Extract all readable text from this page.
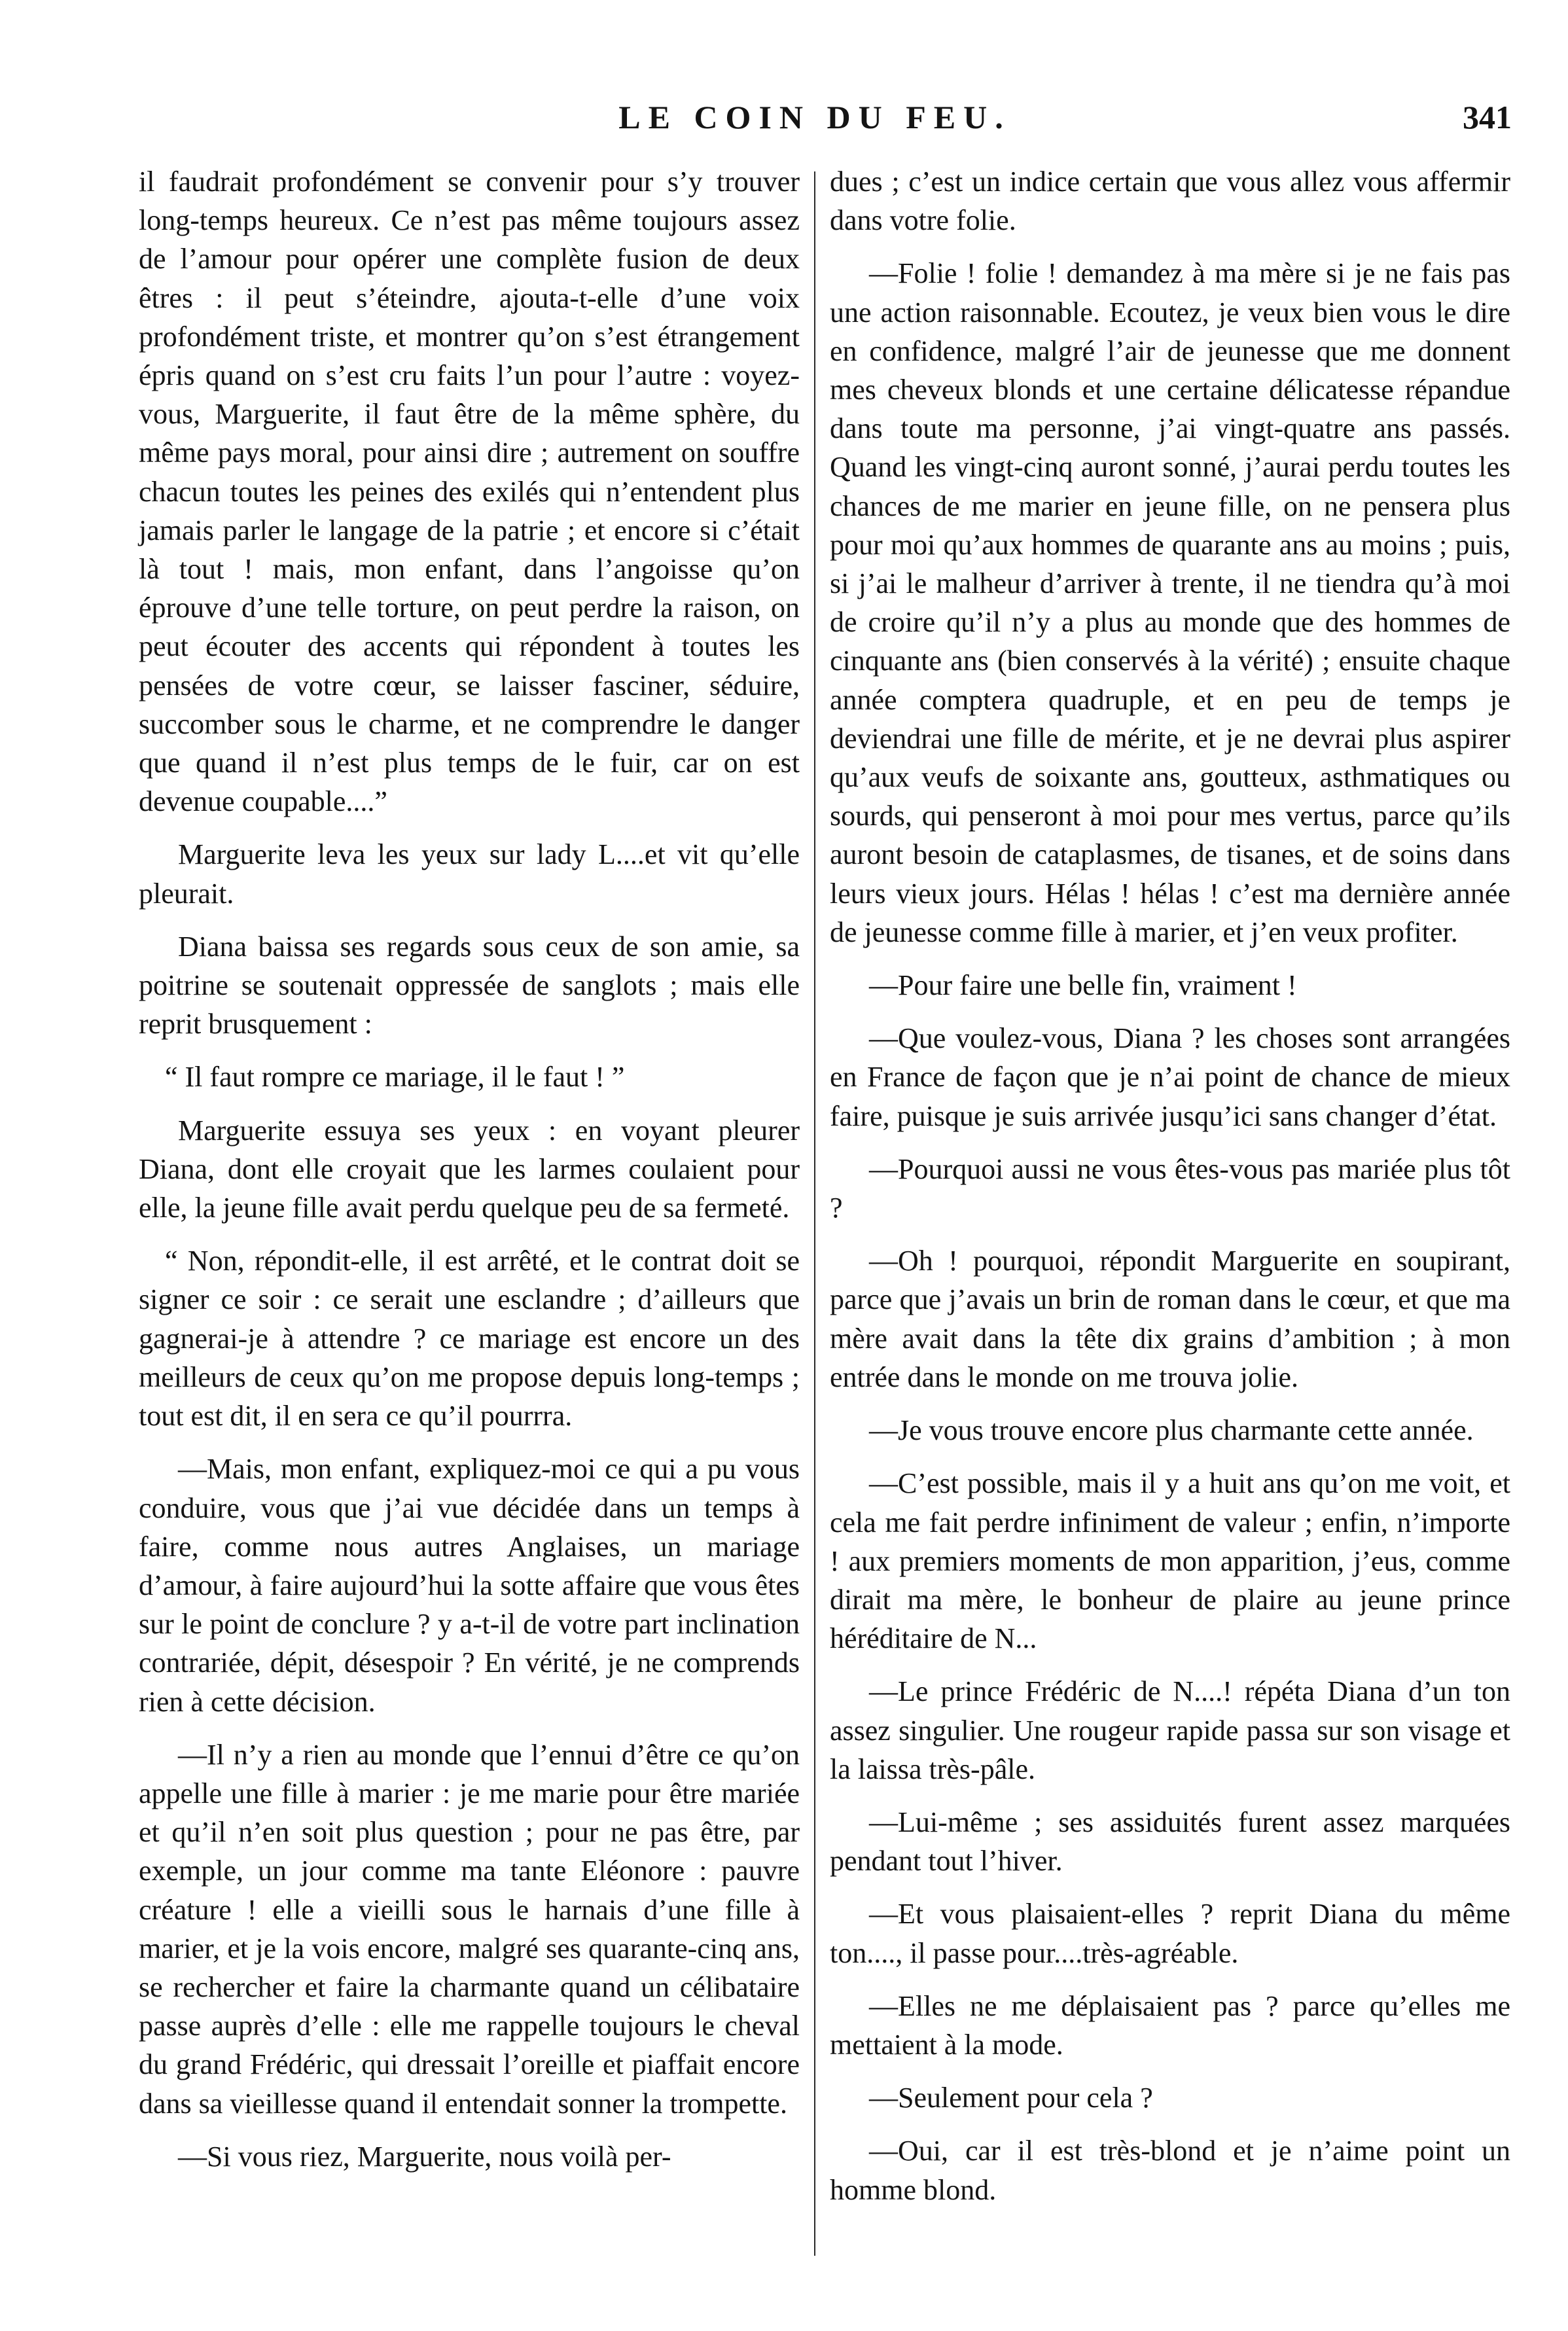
LE COIN DU FEU.	341

il faudrait profondément se convenir pour s’y trouver long-temps heureux. Ce n’est pas même toujours assez de l’amour pour opérer une complète fusion de deux êtres : il peut s’éteindre, ajouta-t-elle d’une voix profondément triste, et montrer qu’on s’est étrangement épris quand on s’est cru faits l’un pour l’autre : voyez-vous, Marguerite, il faut être de la même sphère, du même pays moral, pour ainsi dire ; autrement on souffre chacun toutes les peines des exilés qui n’entendent plus jamais parler le langage de la patrie ; et encore si c’était là tout ! mais, mon enfant, dans l’angoisse qu’on éprouve d’une telle torture, on peut perdre la raison, on peut écouter des accents qui répondent à toutes les pensées de votre cœur, se laisser fasciner, séduire, succomber sous le charme, et ne comprendre le danger que quand il n’est plus temps de le fuir, car on est devenue coupable....”

Marguerite leva les yeux sur lady L....et vit qu’elle pleurait.

Diana baissa ses regards sous ceux de son amie, sa poitrine se soutenait oppressée de sanglots ; mais elle reprit brusquement :

“ Il faut rompre ce mariage, il le faut ! ”

Marguerite essuya ses yeux : en voyant pleurer Diana, dont elle croyait que les larmes coulaient pour elle, la jeune fille avait perdu quelque peu de sa fermeté.

“ Non, répondit-elle, il est arrêté, et le contrat doit se signer ce soir : ce serait une esclandre ; d’ailleurs que gagnerai-je à attendre ? ce mariage est encore un des meilleurs de ceux qu’on me propose depuis long-temps ; tout est dit, il en sera ce qu’il pourrra.

—Mais, mon enfant, expliquez-moi ce qui a pu vous conduire, vous que j’ai vue décidée dans un temps à faire, comme nous autres Anglaises, un mariage d’amour, à faire aujourd’hui la sotte affaire que vous êtes sur le point de conclure ? y a-t-il de votre part inclination contrariée, dépit, désespoir ? En vérité, je ne comprends rien à cette décision.

—Il n’y a rien au monde que l’ennui d’être ce qu’on appelle une fille à marier : je me marie pour être mariée et qu’il n’en soit plus question ; pour ne pas être, par exemple, un jour comme ma tante Eléonore : pauvre créature ! elle a vieilli sous le harnais d’une fille à marier, et je la vois encore, malgré ses quarante-cinq ans, se rechercher et faire la charmante quand un célibataire passe auprès d’elle : elle me rappelle toujours le cheval du grand Frédéric, qui dressait l’oreille et piaffait encore dans sa vieillesse quand il entendait sonner la trompette.

—Si vous riez, Marguerite, nous voilà per-

dues ; c’est un indice certain que vous allez vous affermir dans votre folie.

—Folie ! folie ! demandez à ma mère si je ne fais pas une action raisonnable. Ecoutez, je veux bien vous le dire en confidence, malgré l’air de jeunesse que me donnent mes cheveux blonds et une certaine délicatesse répandue dans toute ma personne, j’ai vingt-quatre ans passés. Quand les vingt-cinq auront sonné, j’aurai perdu toutes les chances de me marier en jeune fille, on ne pensera plus pour moi qu’aux hommes de quarante ans au moins ; puis, si j’ai le malheur d’arriver à trente, il ne tiendra qu’à moi de croire qu’il n’y a plus au monde que des hommes de cinquante ans (bien conservés à la vérité) ; ensuite chaque année comptera quadruple, et en peu de temps je deviendrai une fille de mérite, et je ne devrai plus aspirer qu’aux veufs de soixante ans, goutteux, asthmatiques ou sourds, qui penseront à moi pour mes vertus, parce qu’ils auront besoin de cataplasmes, de tisanes, et de soins dans leurs vieux jours. Hélas ! hélas ! c’est ma dernière année de jeunesse comme fille à marier, et j’en veux profiter.

—Pour faire une belle fin, vraiment !

—Que voulez-vous, Diana ? les choses sont arrangées en France de façon que je n’ai point de chance de mieux faire, puisque je suis arrivée jusqu’ici sans changer d’état.

—Pourquoi aussi ne vous êtes-vous pas mariée plus tôt ?

—Oh ! pourquoi, répondit Marguerite en soupirant, parce que j’avais un brin de roman dans le cœur, et que ma mère avait dans la tête dix grains d’ambition ; à mon entrée dans le monde on me trouva jolie.

—Je vous trouve encore plus charmante cette année.

—C’est possible, mais il y a huit ans qu’on me voit, et cela me fait perdre infiniment de valeur ; enfin, n’importe ! aux premiers moments de mon apparition, j’eus, comme dirait ma mère, le bonheur de plaire au jeune prince héréditaire de N...

—Le prince Frédéric de N....! répéta Diana d’un ton assez singulier. Une rougeur rapide passa sur son visage et la laissa très-pâle.

—Lui-même ; ses assiduités furent assez marquées pendant tout l’hiver.

—Et vous plaisaient-elles ? reprit Diana du même ton...., il passe pour....très-agréable.

—Elles ne me déplaisaient pas ? parce qu’elles me mettaient à la mode.

—Seulement pour cela ?

—Oui, car il est très-blond et je n’aime point un homme blond.
